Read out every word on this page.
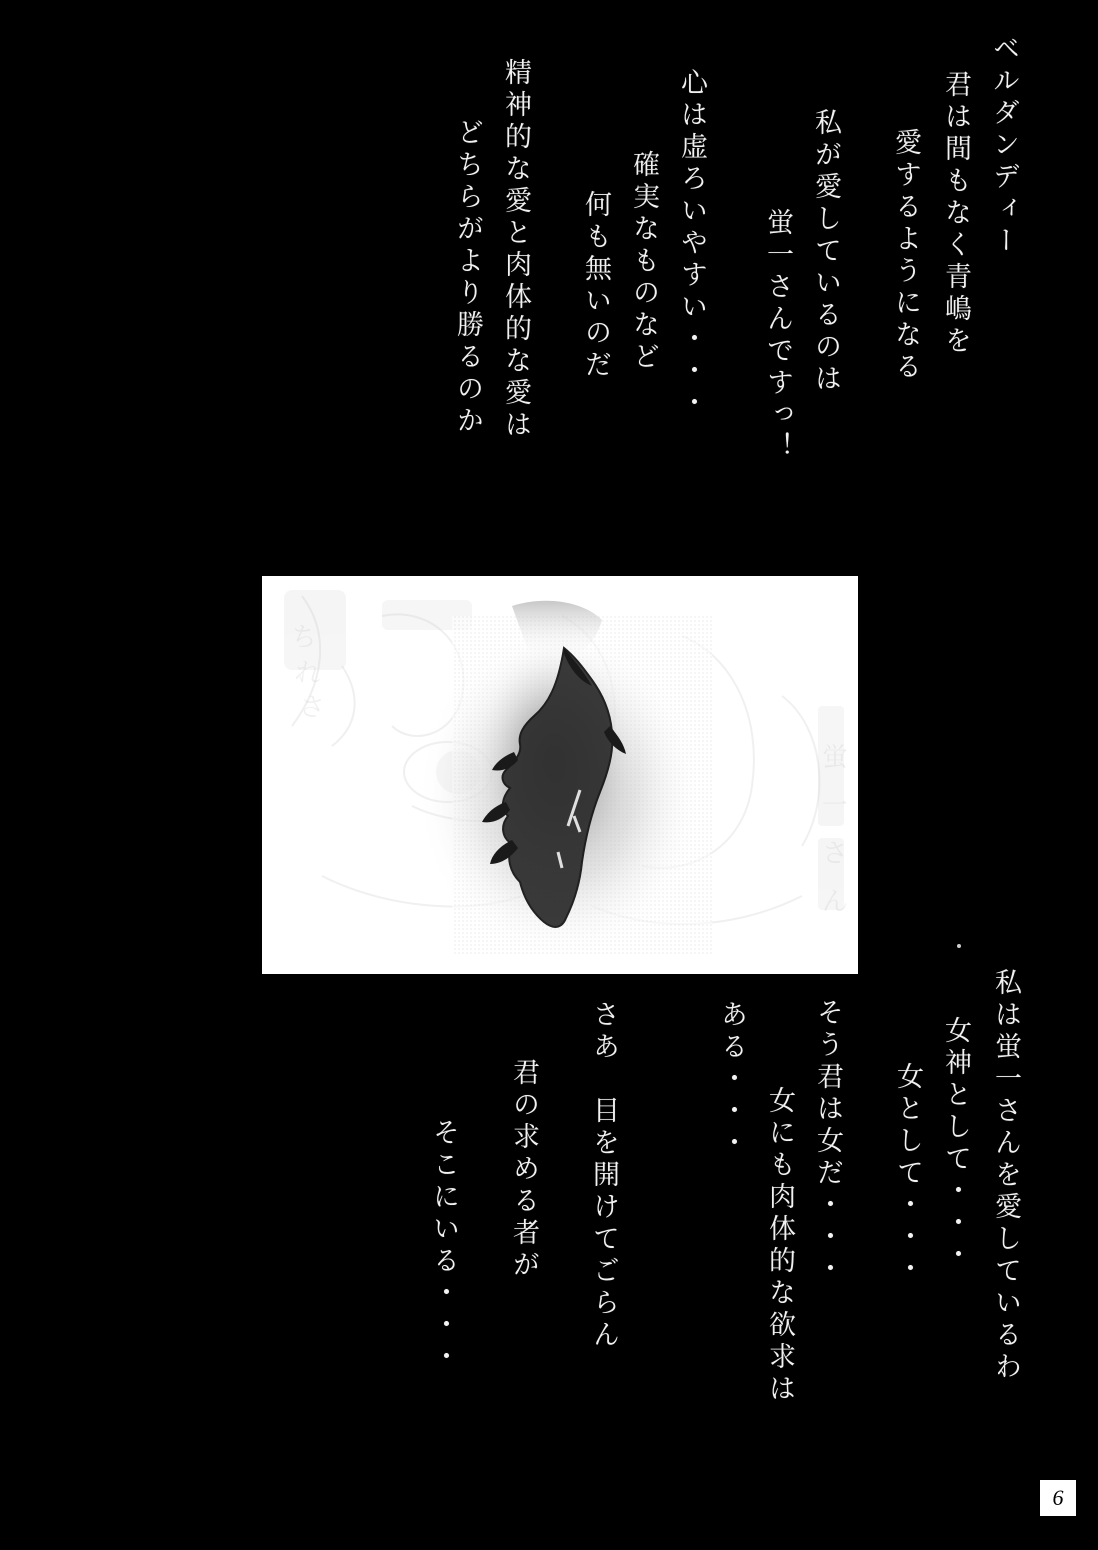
ベルダンディー
君は間もなく青嶋を
愛するようになる
私が愛しているのは
蛍一さんですっ！
心は虚ろいやすい・・・
確実なものなど
何も無いのだ
精神的な愛と肉体的な愛は
どちらがより勝るのか
ち
れ
さ
蛍
一
さ
ん
私は蛍一さんを愛しているわ
女神として・・・
女として・・・
そう君は女だ・・・
女にも肉体的な欲求は
ある・・・
さあ　目を開けてごらん
君の求める者が
そこにいる・・・
6
